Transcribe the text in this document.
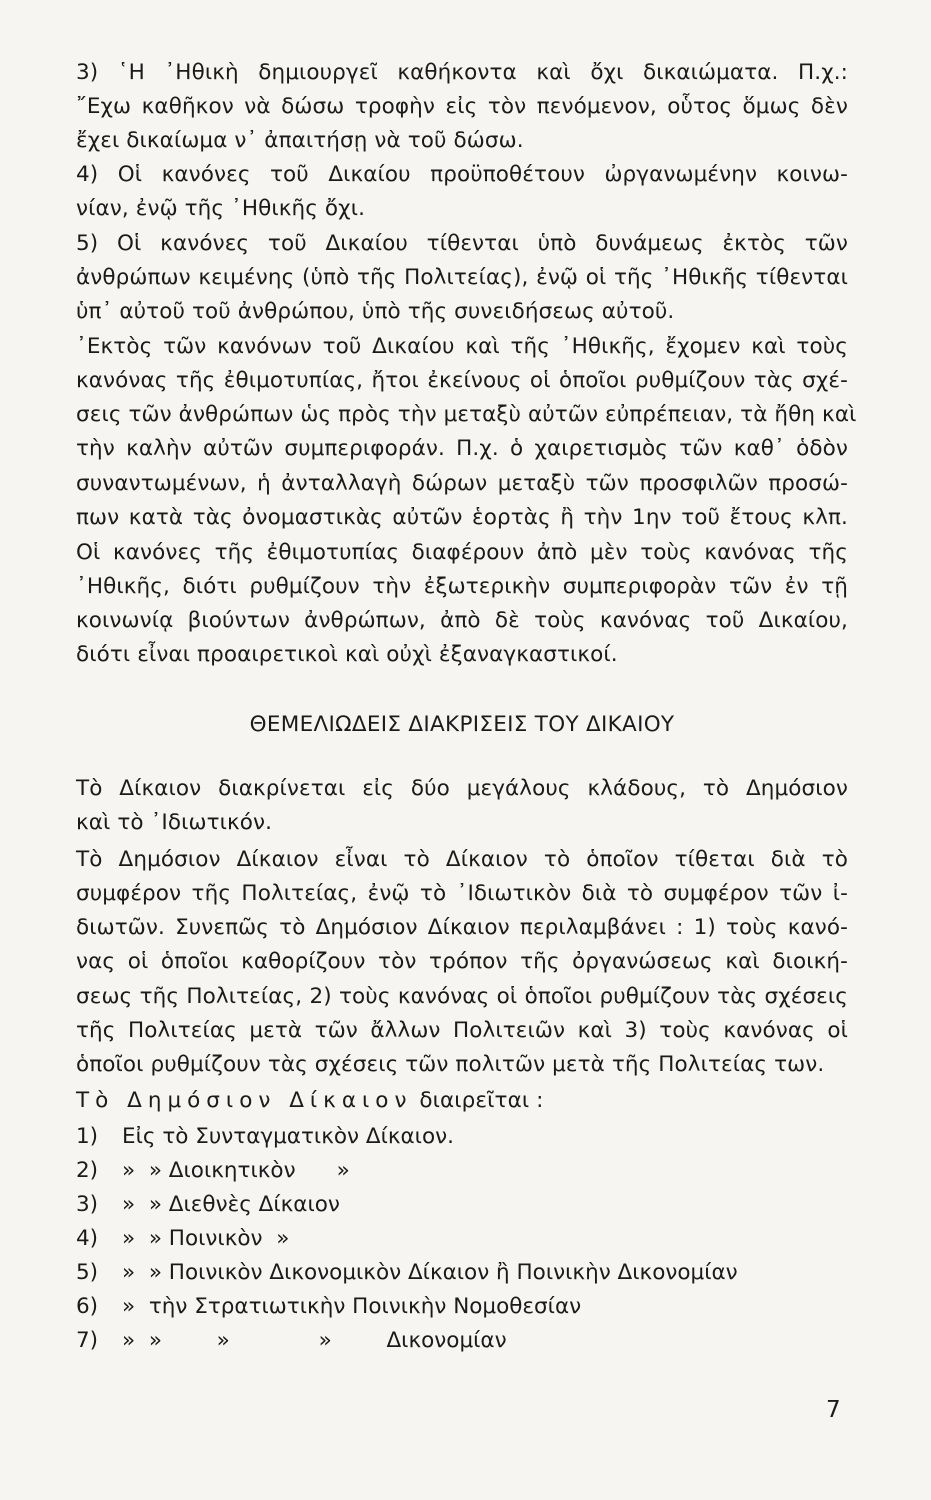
3) ῾Η ᾿Ηθικὴ δημιουργεῖ καθήκοντα καὶ ὄχι δικαιώματα. Π.χ.:
῎Εχω καθῆκον νὰ δώσω τροφὴν εἰς τὸν πενόμενον, οὗτος ὅμως δὲν
ἔχει δικαίωμα ν᾿ ἀπαιτήσῃ νὰ τοῦ δώσω.
4) Οἱ κανόνες τοῦ Δικαίου προϋποθέτουν ὠργανωμένην κοινω-
νίαν, ἐνῷ τῆς ᾿Ηθικῆς ὄχι.
5) Οἱ κανόνες τοῦ Δικαίου τίθενται ὑπὸ δυνάμεως ἐκτὸς τῶν
ἀνθρώπων κειμένης (ὑπὸ τῆς Πολιτείας), ἐνῷ οἱ τῆς ᾿Ηθικῆς τίθενται
ὑπ᾿ αὐτοῦ τοῦ ἀνθρώπου, ὑπὸ τῆς συνειδήσεως αὐτοῦ.
᾿Εκτὸς τῶν κανόνων τοῦ Δικαίου καὶ τῆς ᾿Ηθικῆς, ἔχομεν καὶ τοὺς
κανόνας τῆς ἐθιμοτυπίας, ἤτοι ἐκείνους οἱ ὁποῖοι ρυθμίζουν τὰς σχέ-
σεις τῶν ἀνθρώπων ὡς πρὸς τὴν μεταξὺ αὐτῶν εὐπρέπειαν, τὰ ἤθη καὶ
τὴν καλὴν αὐτῶν συμπεριφοράν. Π.χ. ὁ χαιρετισμὸς τῶν καθ᾿ ὁδὸν
συναντωμένων, ἡ ἀνταλλαγὴ δώρων μεταξὺ τῶν προσφιλῶν προσώ-
πων κατὰ τὰς ὀνομαστικὰς αὐτῶν ἑορτὰς ἢ τὴν 1ην τοῦ ἔτους κλπ.
Οἱ κανόνες τῆς ἐθιμοτυπίας διαφέρουν ἀπὸ μὲν τοὺς κανόνας τῆς
᾿Ηθικῆς, διότι ρυθμίζουν τὴν ἐξωτερικὴν συμπεριφορὰν τῶν ἐν τῇ
κοινωνίᾳ βιούντων ἀνθρώπων, ἀπὸ δὲ τοὺς κανόνας τοῦ Δικαίου,
διότι εἶναι προαιρετικοὶ καὶ οὐχὶ ἐξαναγκαστικοί.
ΘΕΜΕΛΙΩΔΕΙΣ ΔΙΑΚΡΙΣΕΙΣ ΤΟΥ ΔΙΚΑΙΟΥ
Τὸ Δίκαιον διακρίνεται εἰς δύο μεγάλους κλάδους, τὸ Δημόσιον
καὶ τὸ ᾿Ιδιωτικόν.
Τὸ Δημόσιον Δίκαιον εἶναι τὸ Δίκαιον τὸ ὁποῖον τίθεται διὰ τὸ
συμφέρον τῆς Πολιτείας, ἐνῷ τὸ ᾿Ιδιωτικὸν διὰ τὸ συμφέρον τῶν ἰ-
διωτῶν. Συνεπῶς τὸ Δημόσιον Δίκαιον περιλαμβάνει : 1) τοὺς κανό-
νας οἱ ὁποῖοι καθορίζουν τὸν τρόπον τῆς ὀργανώσεως καὶ διοική-
σεως τῆς Πολιτείας, 2) τοὺς κανόνας οἱ ὁποῖοι ρυθμίζουν τὰς σχέσεις
τῆς Πολιτείας μετὰ τῶν ἄλλων Πολιτειῶν καὶ 3) τοὺς κανόνας οἱ
ὁποῖοι ρυθμίζουν τὰς σχέσεις τῶν πολιτῶν μετὰ τῆς Πολιτείας των.
Τὸ Δημόσιον Δίκαιον διαιρεῖται :
1)	Εἰς τὸ Συνταγματικὸν Δίκαιον.
2)	»  » Διοικητικὸν      »
3)	»  » Διεθνὲς Δίκαιον
4)	»  » Ποινικὸν  »
5)	»  » Ποινικὸν Δικονομικὸν Δίκαιον ἢ Ποινικὴν Δικονομίαν
6)	»  τὴν Στρατιωτικὴν Ποινικὴν Νομοθεσίαν
7)	»  »        »             »        Δικονομίαν
7
